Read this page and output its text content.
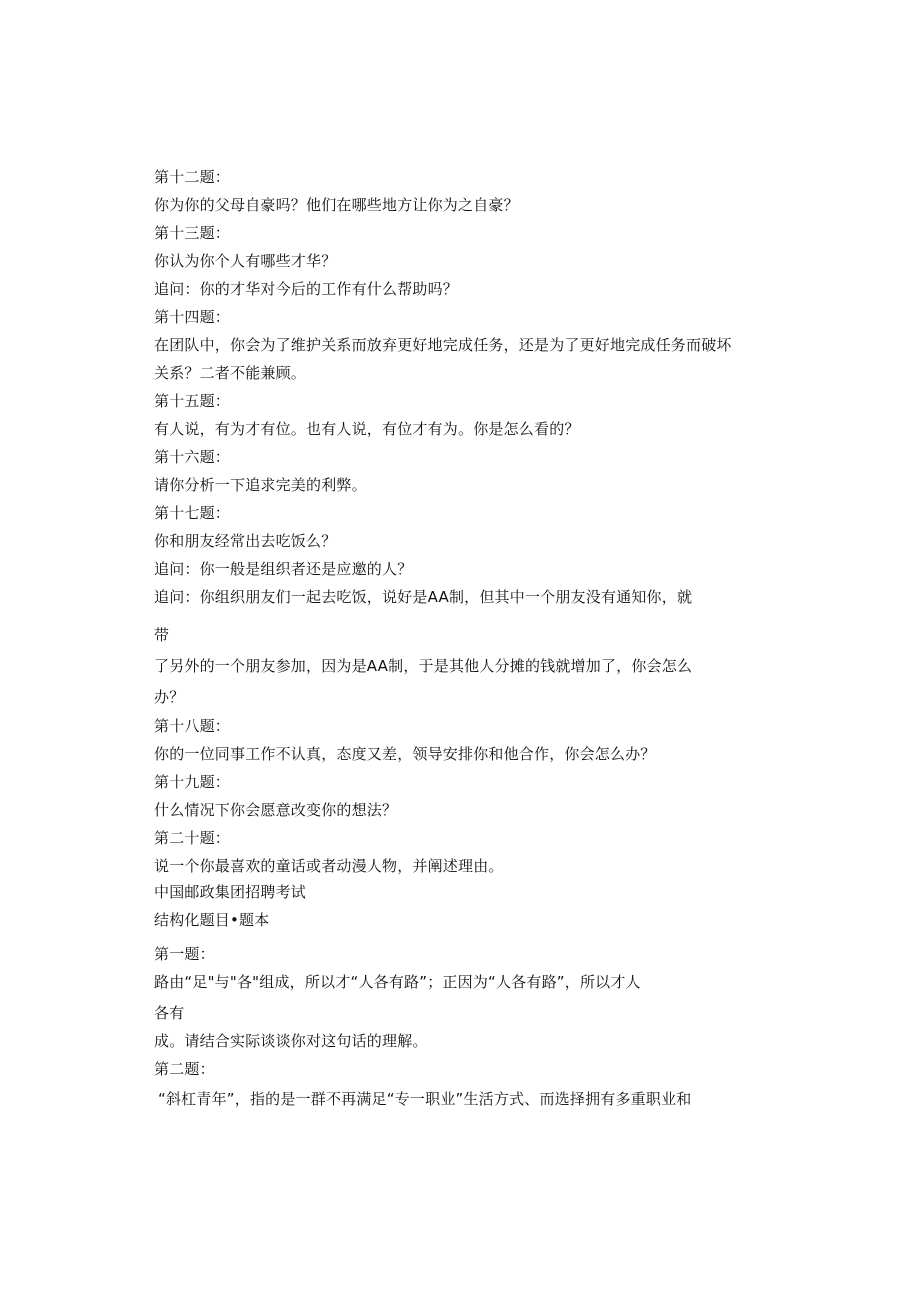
第十二题：
你为你的父母自豪吗？他们在哪些地方让你为之自豪？
第十三题：
你认为你个人有哪些才华？
追问：你的才华对今后的工作有什么帮助吗？
第十四题：
在团队中，你会为了维护关系而放弃更好地完成任务，还是为了更好地完成任务而破坏
关系？二者不能兼顾。
第十五题：
有人说，有为才有位。也有人说，有位才有为。你是怎么看的？
第十六题：
请你分析一下追求完美的利弊。
第十七题：
你和朋友经常出去吃饭么？
追问：你一般是组织者还是应邀的人？
追问：你组织朋友们一起去吃饭，说好是AA制，但其中一个朋友没有通知你，就
带
了另外的一个朋友参加，因为是AA制，于是其他人分摊的钱就增加了，你会怎么
办？
第十八题：
你的一位同事工作不认真，态度又差，领导安排你和他合作，你会怎么办？
第十九题：
什么情况下你会愿意改变你的想法？
第二十题：
说一个你最喜欢的童话或者动漫人物，并阐述理由。
中国邮政集团招聘考试
结构化题目•题本
第一题：
路由“足"与"各"组成，所以才“人各有路”；正因为“人各有路”，所以才人
各有
成。请结合实际谈谈你对这句话的理解。
第二题：
“斜杠青年”，指的是一群不再满足“专一职业”生活方式、而选择拥有多重职业和
